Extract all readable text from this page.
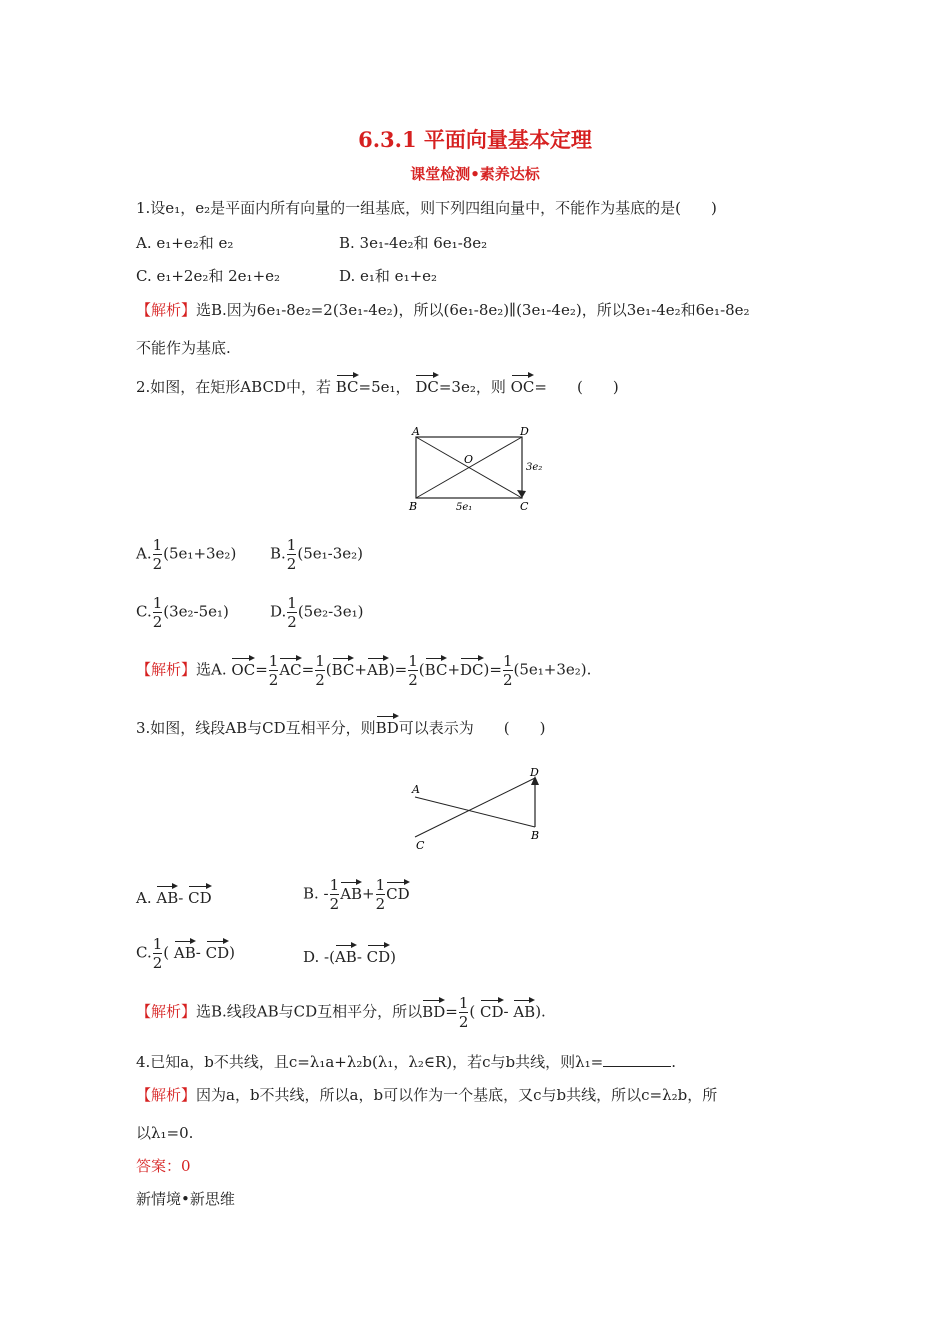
6.3.1 平面向量基本定理
课堂检测•素养达标
1.设e₁，e₂是平面内所有向量的一组基底，则下列四组向量中，不能作为基底的是(　　)
A. e₁+e₂和 e₂	B. 3e₁-4e₂和 6e₁-8e₂
C. e₁+2e₂和 2e₁+e₂	D. e₁和 e₁+e₂
【解析】选B.因为6e₁-8e₂=2(3e₁-4e₂)，所以(6e₁-8e₂)∥(3e₁-4e₂)，所以3e₁-4e₂和6e₁-8e₂
不能作为基底.
2.如图，在矩形ABCD中，若 BC=5e₁， DC=3e₂，则 OC=　　(　　)
A	D
B	C
O
5e₁
3e₂
A. $\frac{1}{2} (5e_1+3e_2)$ B. $\frac{1}{2} (5e_1-3e_2)$
C. $\frac{1}{2} (3e_2-5e_1)$	D. $\frac{1}{2} (5e_2-3e_1)$
【解析】选A. $OC= \frac{1}{2} AC= \frac{1}{2} (BC+AB)= \frac{1}{2} (BC+DC)= \frac{1}{2} (5e_1+3e_2)$.
3.如图，线段AB与CD互相平分，则BD可以表示为　　(　　)
A
D
B
C
A. AB- CD	B. - $\frac{1}{2} AB+ \frac{1}{2}$ CD
C. $\frac{1}{2}$ ( AB- CD)	D. -(AB- CD)
【解析】选B.线段AB与CD互相平分，所以$BD= \frac{1}{2}$ ( CD- AB).
4.已知a，b不共线，且c=λ₁a+λ₂b(λ₁，λ₂∈R)，若c与b共线，则λ₁=	.
【解析】因为a，b不共线，所以a，b可以作为一个基底，又c与b共线，所以c=λ₂b，所
以λ₁=0.
答案：0
新情境•新思维
